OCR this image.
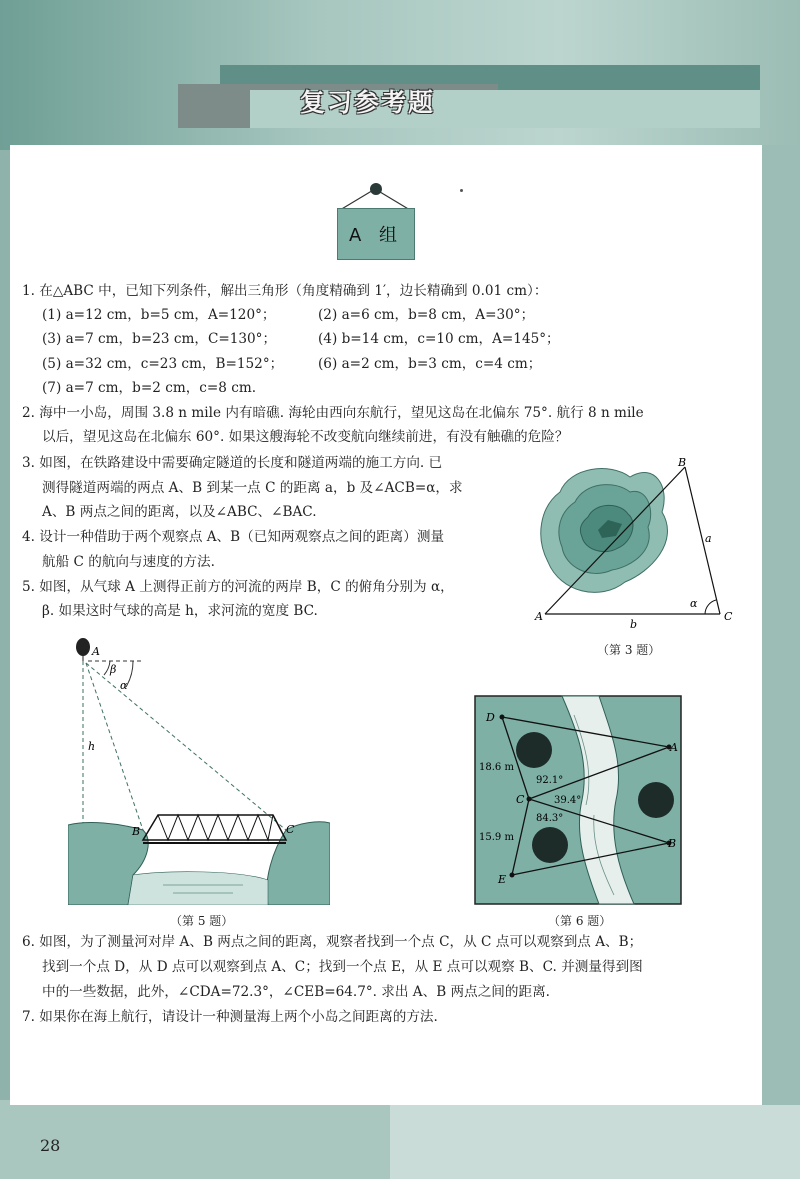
复习参考题
A 组
1. 在△ABC 中，已知下列条件，解出三角形（角度精确到 1′，边长精确到 0.01 cm）：
(1) a=12 cm，b=5 cm，A=120°；	(2) a=6 cm，b=8 cm，A=30°；
(3) a=7 cm，b=23 cm，C=130°；	(4) b=14 cm，c=10 cm，A=145°；
(5) a=32 cm，c=23 cm，B=152°；	(6) a=2 cm，b=3 cm，c=4 cm；
(7) a=7 cm，b=2 cm，c=8 cm.
2. 海中一小岛，周围 3.8 n mile 内有暗礁. 海轮由西向东航行，望见这岛在北偏东 75°. 航行 8 n mile
以后，望见这岛在北偏东 60°. 如果这艘海轮不改变航向继续前进，有没有触礁的危险？
3. 如图，在铁路建设中需要确定隧道的长度和隧道两端的施工方向. 已
测得隧道两端的两点 A、B 到某一点 C 的距离 a，b 及∠ACB=α，求
A、B 两点之间的距离，以及∠ABC、∠BAC.
4. 设计一种借助于两个观察点 A、B（已知两观察点之间的距离）测量
航船 C 的航向与速度的方法.
5. 如图，从气球 A 上测得正前方的河流的两岸 B，C 的俯角分别为 α，
β. 如果这时气球的高是 h，求河流的宽度 BC.
B
A	C
a
b
α
（第 3 题）
A
β
α
h
B	C
（第 5 题）
D
A
C
B
E
18.6 m
15.9 m
92.1°
39.4°
84.3°
（第 6 题）
6. 如图，为了测量河对岸 A、B 两点之间的距离，观察者找到一个点 C，从 C 点可以观察到点 A、B；
找到一个点 D，从 D 点可以观察到点 A、C；找到一个点 E，从 E 点可以观察 B、C. 并测量得到图
中的一些数据，此外，∠CDA=72.3°，∠CEB=64.7°. 求出 A、B 两点之间的距离.
7. 如果你在海上航行，请设计一种测量海上两个小岛之间距离的方法.
28
